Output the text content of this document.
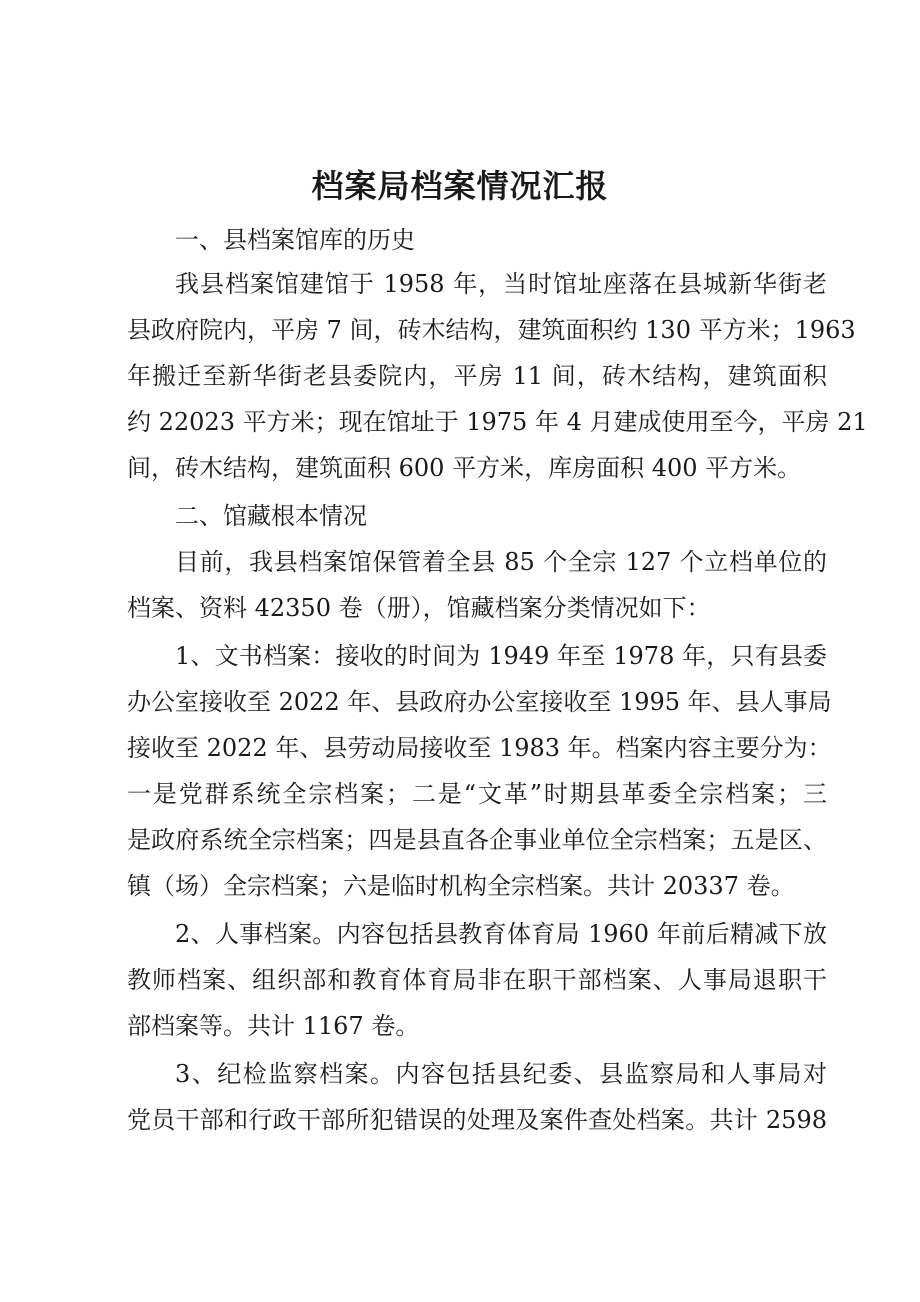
档案局档案情况汇报
一、县档案馆库的历史
我县档案馆建馆于 1958 年，当时馆址座落在县城新华街老
县政府院内，平房 7 间，砖木结构，建筑面积约 130 平方米；1963
年搬迁至新华街老县委院内，平房 11 间，砖木结构，建筑面积
约 22023 平方米；现在馆址于 1975 年 4 月建成使用至今，平房 21
间，砖木结构，建筑面积 600 平方米，库房面积 400 平方米。
二、馆藏根本情况
目前，我县档案馆保管着全县 85 个全宗 127 个立档单位的
档案、资料 42350 卷（册），馆藏档案分类情况如下：
1、文书档案：接收的时间为 1949 年至 1978 年，只有县委
办公室接收至 2022 年、县政府办公室接收至 1995 年、县人事局
接收至 2022 年、县劳动局接收至 1983 年。档案内容主要分为：
一是党群系统全宗档案；二是“文革”时期县革委全宗档案；三
是政府系统全宗档案；四是县直各企事业单位全宗档案；五是区、
镇（场）全宗档案；六是临时机构全宗档案。共计 20337 卷。
2、人事档案。内容包括县教育体育局 1960 年前后精减下放
教师档案、组织部和教育体育局非在职干部档案、人事局退职干
部档案等。共计 1167 卷。
3、纪检监察档案。内容包括县纪委、县监察局和人事局对
党员干部和行政干部所犯错误的处理及案件查处档案。共计 2598
